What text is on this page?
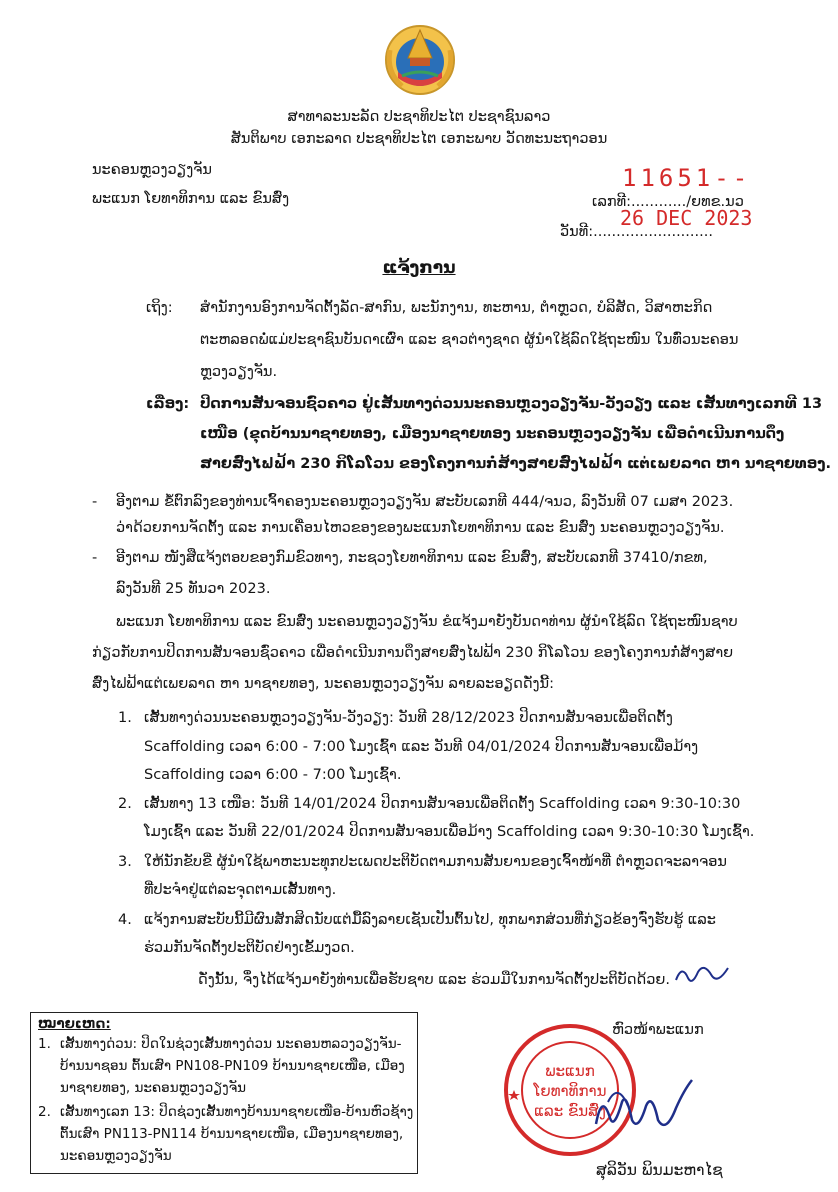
ສາທາລະນະລັດ ປະຊາທິປະໄຕ ປະຊາຊົນລາວ
ສັນຕິພາບ ເອກະລາດ ປະຊາທິປະໄຕ ເອກະພາບ ວັດທະນະຖາວອນ
ນະຄອນຫຼວງວຽງຈັນ
ພະແນກ ໂຍທາທິການ ແລະ ຂົນສົ່ງ
11651--
ເລກທີ:............/ຍທຂ.ນວ
26 DEC 2023
ວັນທີ:..........................
ແຈ້ງການ
ເຖິງ: ສໍານັກງານອົງການຈັດຕັ້ງລັດ-ສາກົນ, ພະນັກງານ, ທະຫານ, ຕໍາຫຼວດ, ບໍລິສັດ, ວິສາຫະກິດ
ຕະຫລອດພໍ່ແມ່ປະຊາຊົນບັນດາເຜົ່າ ແລະ ຊາວຕ່າງຊາດ ຜູ້ນໍາໃຊ້ລົດໃຊ້ຖະໜົນ ໃນທົ່ວນະຄອນ
ຫຼວງວຽງຈັນ.
ເລື່ອງ: ປິດການສັນຈອນຊົ່ວຄາວ ຢູ່ເສັ້ນທາງດ່ວນນະຄອນຫຼວງວຽງຈັນ-ວັງວຽງ ແລະ ເສັ້ນທາງເລກທີ 13
ເໜືອ (ຂຸດບ້ານນາຊາຍທອງ, ເມືອງນາຊາຍທອງ ນະຄອນຫຼວງວຽງຈັນ ເພື່ອດໍາເນີນການດຶງ
ສາຍສົ່ງໄຟຟ້າ 230 ກິໂລໂວນ ຂອງໂຄງການກໍ່ສ້າງສາຍສົ່ງໄຟຟ້າ ແຕ່ເພຍລາດ ຫາ ນາຊາຍທອງ.
- ອີງຕາມ ຂໍ້ຕົກລົງຂອງທ່ານເຈົ້າຄອງນະຄອນຫຼວງວຽງຈັນ ສະບັບເລກທີ 444/ຈນວ, ລົງວັນທີ 07 ເມສາ 2023.
ວ່າດ້ວຍການຈັດຕັ້ງ ແລະ ການເຄື່ອນໄຫວຂອງຂອງພະແນກໂຍທາທິການ ແລະ ຂົນສົ່ງ ນະຄອນຫຼວງວຽງຈັນ.
- ອີງຕາມ ໜັງສືແຈ້ງຕອບຂອງກົມຂົວທາງ, ກະຊວງໂຍທາທິການ ແລະ ຂົນສົ່ງ, ສະບັບເລກທີ 37410/ກຂທ,
ລົງວັນທີ 25 ທັນວາ 2023.
ພະແນກ ໂຍທາທິການ ແລະ ຂົນສົ່ງ ນະຄອນຫຼວງວຽງຈັນ ຂໍແຈ້ງມາຍັງບັນດາທ່ານ ຜູ້ນໍາໃຊ້ລົດ ໃຊ້ຖະໜົນຊາບ
ກ່ຽວກັບການປິດການສັນຈອນຊົ່ວຄາວ ເພື່ອດໍາເນີນການດຶງສາຍສົ່ງໄຟຟ້າ 230 ກິໂລໂວນ ຂອງໂຄງການກໍ່ສ້າງສາຍ
ສົ່ງໄຟຟ້າແຕ່ເພຍລາດ ຫາ ນາຊາຍທອງ, ນະຄອນຫຼວງວຽງຈັນ ລາຍລະອຽດດັ່ງນີ້:
1. ເສັ້ນທາງດ່ວນນະຄອນຫຼວງວຽງຈັນ-ວັງວຽງ: ວັນທີ 28/12/2023 ປິດການສັນຈອນເພື່ອຕິດຕັ້ງ
Scaffolding ເວລາ 6:00 - 7:00 ໂມງເຊົ້າ ແລະ ວັນທີ 04/01/2024 ປິດການສັນຈອນເພື່ອມ້າງ
Scaffolding ເວລາ 6:00 - 7:00 ໂມງເຊົ້າ.
2. ເສັ້ນທາງ 13 ເໜືອ: ວັນທີ 14/01/2024 ປິດການສັນຈອນເພື່ອຕິດຕັ້ງ Scaffolding ເວລາ 9:30-10:30
ໂມງເຊົ້າ ແລະ ວັນທີ 22/01/2024 ປິດການສັນຈອນເພື່ອມ້າງ Scaffolding ເວລາ 9:30-10:30 ໂມງເຊົ້າ.
3. ໃຫ້ນັກຂັບຂີ່ ຜູ້ນໍາໃຊ້ພາຫະນະທຸກປະເພດປະຕິບັດຕາມການສັນຍານຂອງເຈົ້າໜ້າທີ່ ຕໍາຫຼວດຈະລາຈອນ
ທີ່ປະຈໍາຢູ່ແຕ່ລະຈຸດຕາມເສັ້ນທາງ.
4. ແຈ້ງການສະບັບນີ້ມີຜົນສັກສິດນັບແຕ່ມື້ລົງລາຍເຊັນເປັນຕົ້ນໄປ, ທຸກພາກສ່ວນທີ່ກ່ຽວຂ້ອງຈົ່ງຮັບຮູ້ ແລະ
ຮ່ວມກັນຈັດຕັ້ງປະຕິບັດຢ່າງເຂັ້ມງວດ.
ດັ່ງນັ້ນ, ຈຶ່ງໄດ້ແຈ້ງມາຍັງທ່ານເພື່ອຮັບຊາບ ແລະ ຮ່ວມມືໃນການຈັດຕັ້ງປະຕິບັດດ້ວຍ.
ໝາຍເຫດ:
1. ເສັ້ນທາງດ່ວນ: ປິດໃນຊ່ວງເສັ້ນທາງດ່ວນ ນະຄອນຫລວງວຽງຈັນ-
ບ້ານນາຊອນ ຕົ້ນເສົາ PN108-PN109 ບ້ານນາຊາຍເໜືອ, ເມືອງ
ນາຊາຍທອງ, ນະຄອນຫຼວງວຽງຈັນ
2. ເສັ້ນທາງເລກ 13: ປິດຊ່ວງເສັ້ນທາງບ້ານນາຊາຍເໜືອ-ບ້ານຫົວຊ້າງ
ຕົ້ນເສົາ PN113-PN114 ບ້ານນາຊາຍເໜືອ, ເມືອງນາຊາຍທອງ,
ນະຄອນຫຼວງວຽງຈັນ
ຫົວໜ້າພະແນກ
ພະແນກ
ໂຍທາທິການ
ແລະ ຂົນສົ່ງ
ສຸລິວັນ ພິນມະຫາໄຊ
